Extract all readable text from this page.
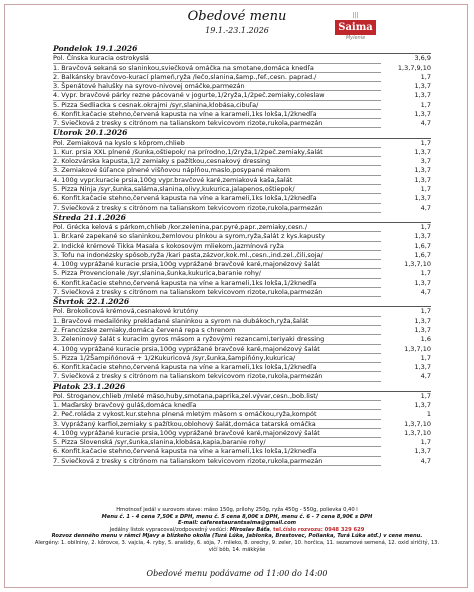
Obedové menu
19.1.-23.1.2026
|||
Saima
Mylenie
Pondelok 19.1.2026
Pol. Čínska kuracia ostrokyslá	3,6,9
1. Bravčová sekaná so slaninkou,sviečková omáčka na smotane,domáca knedľa	1,3,7,9,10
2. Balkánsky bravčovo-kurací plameň,ryža /lečo,slanina,šamp.,fef.,cesn. paprad./	1,7
3. Špenátové halušky na syrovo-nivovej omáčke,parmezán	1,3,7
4. Vypr. bravčové párky rezne pácované v jogurte,1/2ryža,1/2peč.zemiaky,coleslaw	1,3,7
5. Pizza Sedliacka s cesnak.okrajmi /syr,slanina,klobása,cibuľa/	1,7
6. Konfit.kačacie stehno,červená kapusta na víne a karameli,1ks lokša,1/2knedľa	1,3,7
7. Sviečková z tresky s citrónom na talianskom tekvicovom rizote,rukola,parmezán	4,7
Utorok 20.1.2026
Pol. Zemiaková na kyslo s kôprom,chlieb	1,7
1. Kur. prsia XXL plnené /šunka,oštiepok/ na prírodno,1/2ryža,1/2peč.zemiaky,šalát	1,3,7
2. Kolozvárska kapusta,1/2 zemiaky s pažítkou,cesnakový dressing	3,7
3. Zemiakové šúľance plnené višňovou náplňou,maslo,posypané makom	1,3,7
4. 100g vypr.kuracie prsia,100g vypr.bravčové karé,zemiaková kaša,šalát	1,3,7
5. Pizza Ninja /syr,šunka,saláma,slanina,olivy,kukurica,jalapenos,oštiepok/	1,7
6. Konfit.kačacie stehno,červená kapusta na víne a karameli,1ks lokša,1/2knedľa	1,3,7
7. Sviečková z tresky s citrónom na talianskom tekvicovom rizote,rukola,parmezán	4,7
Streda 21.1.2026
Pol. Grécka kelová s párkom,chlieb /kor.zelenina,par.pyré,papr.,zemiaky,cesn./	1,7
1. Br.karé zapekané so slaninkou,žemlovou plnkou a syrom,ryža,šalát z kys.kapusty	1,3,7
2. Indické krémové Tikka Masala s kokosovým mliekom,jazmínová ryža	1,6,7
3. Tofu na indonézsky spôsob,ryža /kari pasta,zázvor,kok.ml.,cesn.,ind.zel.,čili,soja/	1,6,7
4. 100g vyprážané kuracie prsia,100g vyprážané bravčové karé,majonézový šalát	1,3,7,10
5. Pizza Provencionale /syr,slanina,šunka,kukurica,baranie rohy/	1,7
6. Konfit.kačacie stehno,červená kapusta na víne a karameli,1ks lokša,1/2knedľa	1,3,7
7. Sviečková z tresky s citrónom na talianskom tekvicovom rizote,rukola,parmezán	4,7
Štvrtok 22.1.2026
Pol. Brokolicová krémová,cesnakové krutóny	1,7
1. Bravčové medailónky prekladané slaninkou a syrom na dubákoch,ryža,šalát	1,3,7
2. Francúzske zemiaky,domáca červená repa s chrenom	1,3,7
3. Zeleninový šalát s kuracím gyros mäsom a ryžovými rezancami,teriyaki dressing	1,6
4. 100g vyprážané kuracie prsia,100g vyprážané bravčové karé,majonézový šalát	1,3,7,10
5. Pizza 1/2Šampiňónová + 1/2Kukuricová /syr,šunka,šampiňóny,kukurica/	1,7
6. Konfit.kačacie stehno,červená kapusta na víne a karameli,1ks lokša,1/2knedľa	1,3,7
7. Sviečková z tresky s citrónom na talianskom tekvicovom rizote,rukola,parmezán	4,7
Piatok 23.1.2026
Pol. Stroganov,chlieb /mleté mäso,huby,smotana,paprika,zel.vývar,cesn.,bob.list/	1,7
1. Maďarský bravčový guláš,domáca knedľa	1,3,7
2. Peč.roláda z vykost.kur.stehna plnená mletým mäsom s omáčkou,ryža,kompót	1
3. Vyprážaný karfiol,zemiaky s pažítkou,oblohový šalát,domáca tatarská omáčka	1,3,7,10
4. 100g vyprážané kuracie prsia,100g vyprážané bravčové karé,majonézový šalát	1,3,7,10
5. Pizza Slovenská /syr,šunka,slanina,klobása,kapia,baranie rohy/	1,7
6. Konfit.kačacie stehno,červená kapusta na víne a karameli,1ks lokša,1/2knedľa	1,3,7
7. Sviečková z tresky s citrónom na talianskom tekvicovom rizote,rukola,parmezán	4,7
Hmotnosť jedál v surovom stave: mäso 150g, prílohy 250g, ryža 450g - 550g, polievka 0,40 l
Menu č. 1 - 4 cena 7,50€ s DPH, menu č. 5 cena 8,00€ s DPH, menu č. 6 - 7 cena 8,90€ s DPH
E-mail: caferestaurantsaima@gmail.com
Jedálny lístok vypracoval/zodpovedný vedúci: Miroslav Báťa, tel.číslo rozvozu: 0948 329 629
Rozvoz denného menu v rámci Mjavy a blízkeho okolia (Turá Lúka, Jablonka, Brestovec, Polianka, Turá Lúka atď.) v cene menu.
Alergény: 1. obilniny, 2. kôrovce, 3. vajcia, 4. ryby, 5. arašidy, 6. sója, 7. mlieko, 8. orechy, 9. zeler, 10. horčica, 11. sezamové semená, 12. oxid siričitý, 13. vlčí bôb, 14. mäkkýše
Obedové menu podávame od 11:00 do 14:00
